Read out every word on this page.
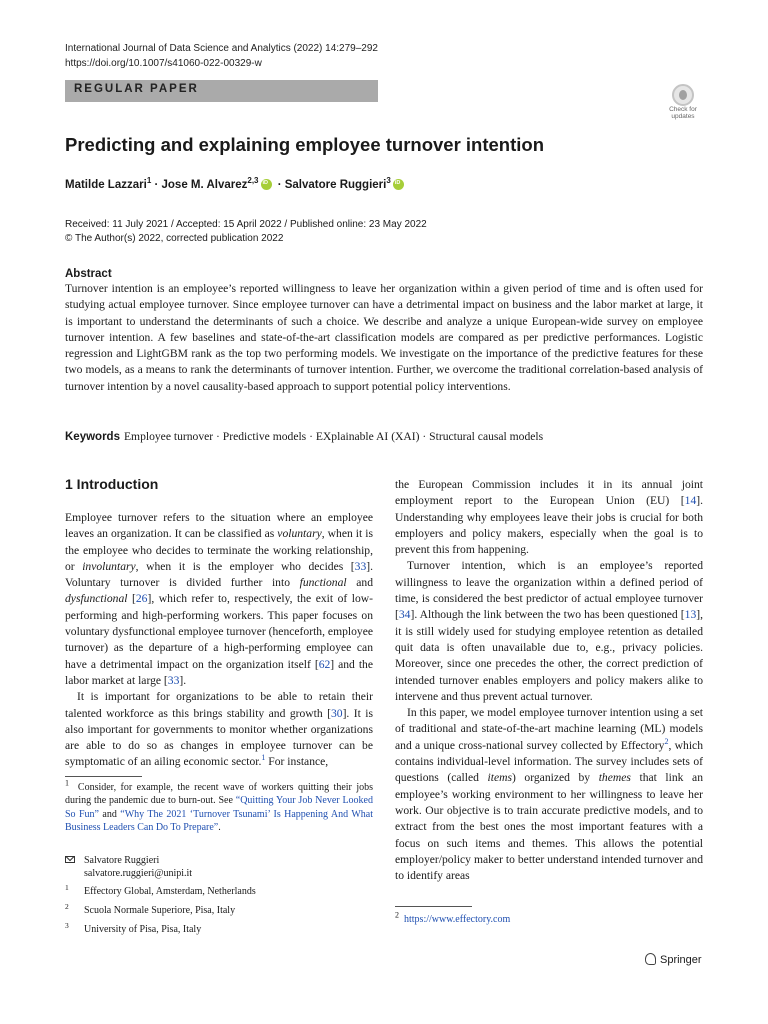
International Journal of Data Science and Analytics (2022) 14:279–292
https://doi.org/10.1007/s41060-022-00329-w
REGULAR PAPER
Check for
updates
Predicting and explaining employee turnover intention
Matilde Lazzari$^1$ · Jose M. Alvarez$^{2,3}$iD · Salvatore Ruggieri$^3$iD
Received: 11 July 2021 / Accepted: 15 April 2022 / Published online: 23 May 2022
© The Author(s) 2022, corrected publication 2022
Abstract

Turnover intention is an employee’s reported willingness to leave her organization within a given period of time and is often used for studying actual employee turnover. Since employee turnover can have a detrimental impact on business and the labor market at large, it is important to understand the determinants of such a choice. We describe and analyze a unique European-wide survey on employee turnover intention. A few baselines and state-of-the-art classification models are compared as per predictive performances. Logistic regression and LightGBM rank as the top two performing models. We investigate on the importance of the predictive features for these two models, as a means to rank the determinants of turnover intention. Further, we overcome the traditional correlation-based analysis of turnover intention by a novel causality-based approach to support potential policy interventions.

Keywords Employee turnover · Predictive models · EXplainable AI (XAI) · Structural causal models
1 Introduction

Employee turnover refers to the situation where an employee leaves an organization. It can be classified as voluntary, when it is the employee who decides to terminate the working relationship, or involuntary, when it is the employer who decides [33]. Voluntary turnover is divided further into functional and dysfunctional [26], which refer to, respectively, the exit of low-performing and high-performing workers. This paper focuses on voluntary dysfunctional employee turnover (henceforth, employee turnover) as the departure of a high-performing employee can have a detrimental impact on the organization itself [62] and the labor market at large [33].

It is important for organizations to be able to retain their talented workforce as this brings stability and growth [30]. It is also important for governments to monitor whether organizations are able to do so as changes in employee turnover can be symptomatic of an ailing economic sector.$^1$ For instance,

$^1$ Consider, for example, the recent wave of workers quitting their jobs during the pandemic due to burn-out. See “Quitting Your Job Never Looked So Fun” and “Why The 2021 ‘Turnover Tsunami’ Is Happening And What Business Leaders Can Do To Prepare”.
Salvatore Ruggieri
salvatore.ruggieri@unipi.it
1 Effectory Global, Amsterdam, Netherlands
2 Scuola Normale Superiore, Pisa, Italy
3 University of Pisa, Pisa, Italy

the European Commission includes it in its annual joint employment report to the European Union (EU) [14]. Understanding why employees leave their jobs is crucial for both employers and policy makers, especially when the goal is to prevent this from happening.

Turnover intention, which is an employee’s reported willingness to leave the organization within a defined period of time, is considered the best predictor of actual employee turnover [34]. Although the link between the two has been questioned [13], it is still widely used for studying employee retention as detailed quit data is often unavailable due to, e.g., privacy policies. Moreover, since one precedes the other, the correct prediction of intended turnover enables employers and policy makers alike to intervene and thus prevent actual turnover.

In this paper, we model employee turnover intention using a set of traditional and state-of-the-art machine learning (ML) models and a unique cross-national survey collected by Effectory$^2$, which contains individual-level information. The survey includes sets of questions (called items) organized by themes that link an employee’s working environment to her willingness to leave her work. Our objective is to train accurate predictive models, and to extract from the best ones the most important features with a focus on such items and themes. This allows the potential employer/policy maker to better understand intended turnover and to identify areas

$^2$ https://www.effectory.com
Springer
